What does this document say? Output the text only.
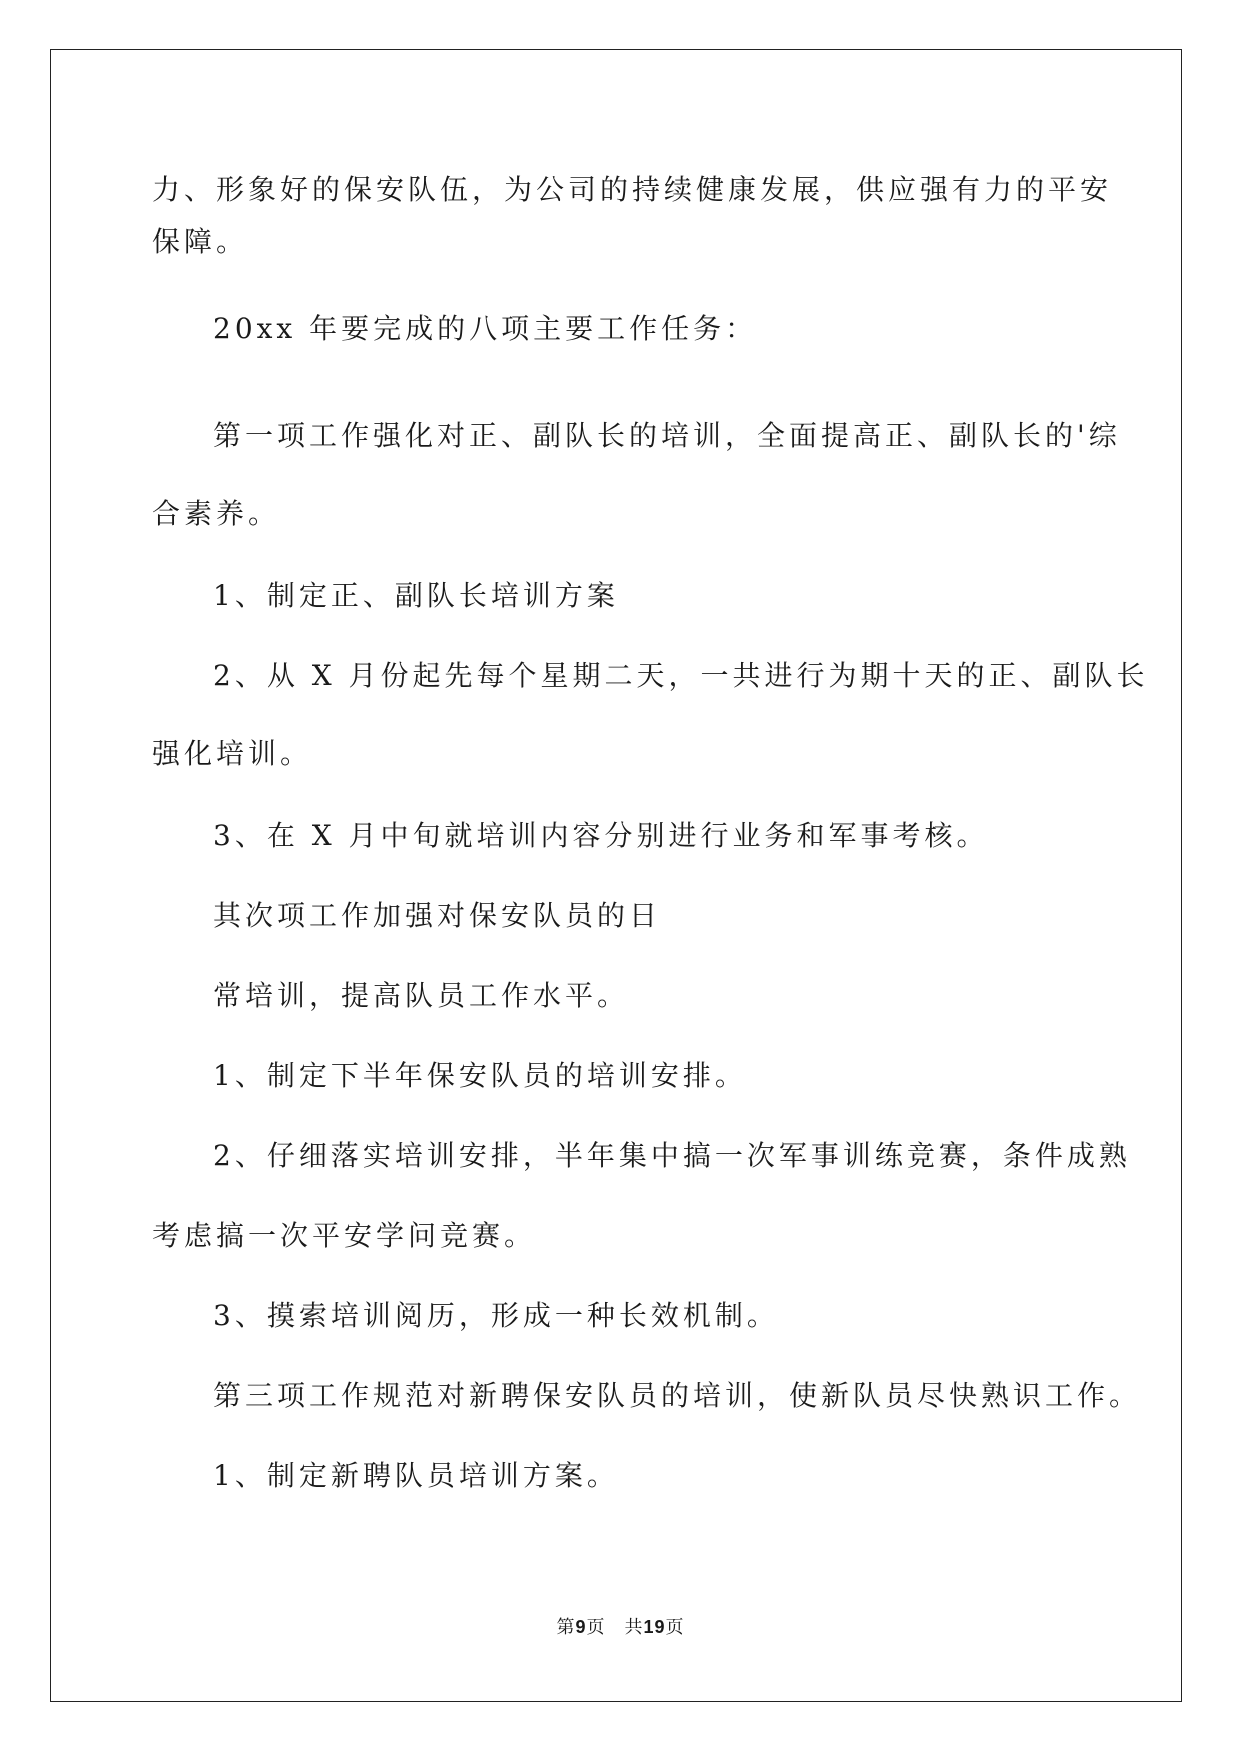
力、形象好的保安队伍，为公司的持续健康发展，供应强有力的平安
保障。
20xx 年要完成的八项主要工作任务：
第一项工作强化对正、副队长的培训，全面提高正、副队长的'综
合素养。
1、制定正、副队长培训方案
2、从 X 月份起先每个星期二天，一共进行为期十天的正、副队长
强化培训。
3、在 X 月中旬就培训内容分别进行业务和军事考核。
其次项工作加强对保安队员的日
常培训，提高队员工作水平。
1、制定下半年保安队员的培训安排。
2、仔细落实培训安排，半年集中搞一次军事训练竞赛，条件成熟
考虑搞一次平安学问竞赛。
3、摸索培训阅历，形成一种长效机制。
第三项工作规范对新聘保安队员的培训，使新队员尽快熟识工作。
1、制定新聘队员培训方案。
第9页　共19页
